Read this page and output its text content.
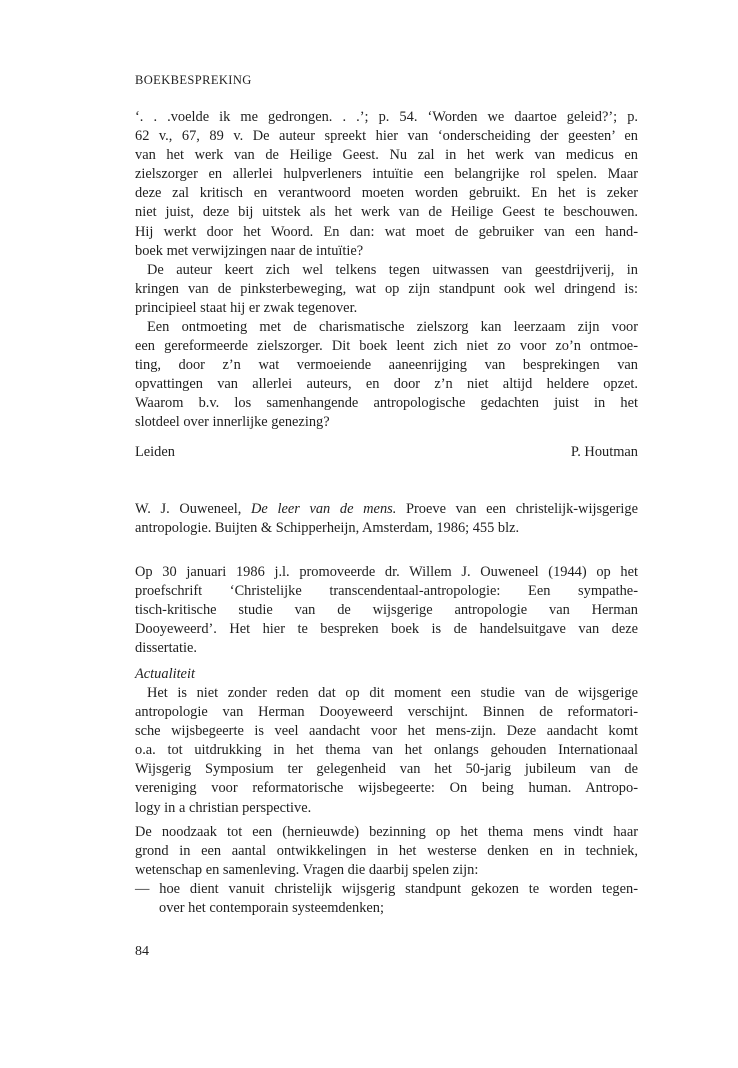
BOEKBESPREKING
‘. . .voelde ik me gedrongen. . .’; p. 54. ‘Worden we daartoe geleid?’; p.
62 v., 67, 89 v. De auteur spreekt hier van ‘onderscheiding der geesten’ en
van het werk van de Heilige Geest. Nu zal in het werk van medicus en
zielszorger en allerlei hulpverleners intuïtie een belangrijke rol spelen. Maar
deze zal kritisch en verantwoord moeten worden gebruikt. En het is zeker
niet juist, deze bij uitstek als het werk van de Heilige Geest te beschouwen.
Hij werkt door het Woord. En dan: wat moet de gebruiker van een hand-
boek met verwijzingen naar de intuïtie?
De auteur keert zich wel telkens tegen uitwassen van geestdrijverij, in
kringen van de pinksterbeweging, wat op zijn standpunt ook wel dringend is:
principieel staat hij er zwak tegenover.
Een ontmoeting met de charismatische zielszorg kan leerzaam zijn voor
een gereformeerde zielszorger. Dit boek leent zich niet zo voor zo’n ontmoe-
ting, door z’n wat vermoeiende aaneenrijging van besprekingen van
opvattingen van allerlei auteurs, en door z’n niet altijd heldere opzet.
Waarom b.v. los samenhangende antropologische gedachten juist in het
slotdeel over innerlijke genezing?
Leiden	P. Houtman
W. J. Ouweneel, De leer van de mens. Proeve van een christelijk-wijsgerige
antropologie. Buijten & Schipperheijn, Amsterdam, 1986; 455 blz.
Op 30 januari 1986 j.l. promoveerde dr. Willem J. Ouweneel (1944) op het
proefschrift ‘Christelijke transcendentaal-antropologie: Een sympathe-
tisch-kritische studie van de wijsgerige antropologie van Herman
Dooyeweerd’. Het hier te bespreken boek is de handelsuitgave van deze
dissertatie.
Actualiteit
Het is niet zonder reden dat op dit moment een studie van de wijsgerige
antropologie van Herman Dooyeweerd verschijnt. Binnen de reformatori-
sche wijsbegeerte is veel aandacht voor het mens-zijn. Deze aandacht komt
o.a. tot uitdrukking in het thema van het onlangs gehouden Internationaal
Wijsgerig Symposium ter gelegenheid van het 50-jarig jubileum van de
vereniging voor reformatorische wijsbegeerte: On being human. Antropo-
logy in a christian perspective.
De noodzaak tot een (hernieuwde) bezinning op het thema mens vindt haar
grond in een aantal ontwikkelingen in het westerse denken en in techniek,
wetenschap en samenleving. Vragen die daarbij spelen zijn:
— hoe dient vanuit christelijk wijsgerig standpunt gekozen te worden tegen-
over het contemporain systeemdenken;
84
